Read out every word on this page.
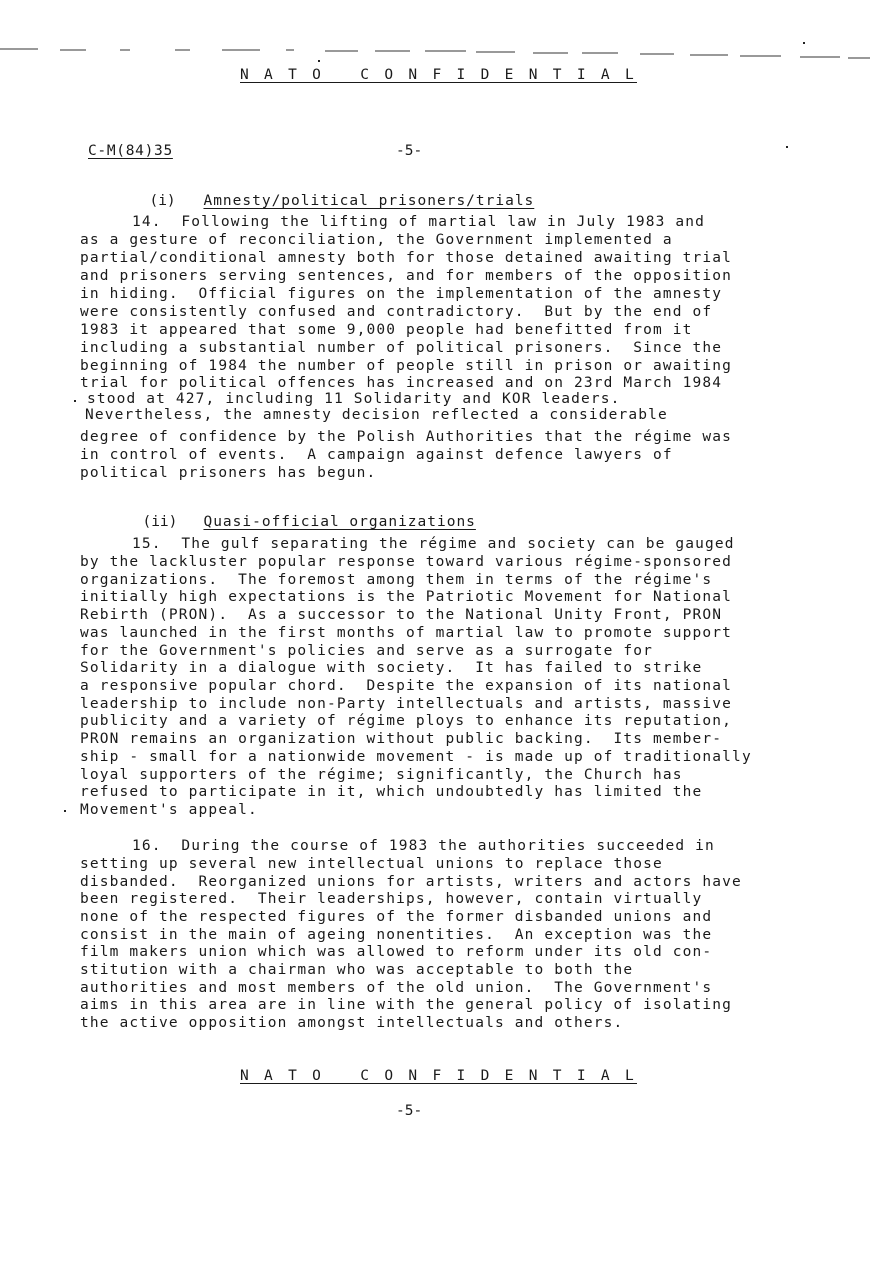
N A T O   C O N F I D E N T I A L
C-M(84)35	-5-

(i) Amnesty/political prisoners/trials

14.  Following the lifting of martial law in July 1983 and

as a gesture of reconciliation, the Government implemented a

partial/conditional amnesty both for those detained awaiting trial

and prisoners serving sentences, and for members of the opposition

in hiding.  Official figures on the implementation of the amnesty

were consistently confused and contradictory.  But by the end of

1983 it appeared that some 9,000 people had benefitted from it

including a substantial number of political prisoners.  Since the

beginning of 1984 the number of people still in prison or awaiting

trial for political offences has increased and on 23rd March 1984

stood at 427, including 11 Solidarity and KOR leaders.

Nevertheless, the amnesty decision reflected a considerable

degree of confidence by the Polish Authorities that the régime was

in control of events.  A campaign against defence lawyers of

political prisoners has begun.

(ii) Quasi-official organizations

15.  The gulf separating the régime and society can be gauged

by the lackluster popular response toward various régime-sponsored

organizations.  The foremost among them in terms of the régime's

initially high expectations is the Patriotic Movement for National

Rebirth (PRON).  As a successor to the National Unity Front, PRON

was launched in the first months of martial law to promote support

for the Government's policies and serve as a surrogate for

Solidarity in a dialogue with society.  It has failed to strike

a responsive popular chord.  Despite the expansion of its national

leadership to include non-Party intellectuals and artists, massive

publicity and a variety of régime ploys to enhance its reputation,

PRON remains an organization without public backing.  Its member-

ship - small for a nationwide movement - is made up of traditionally

loyal supporters of the régime; significantly, the Church has

refused to participate in it, which undoubtedly has limited the

Movement's appeal.

16.  During the course of 1983 the authorities succeeded in

setting up several new intellectual unions to replace those

disbanded.  Reorganized unions for artists, writers and actors have

been registered.  Their leaderships, however, contain virtually

none of the respected figures of the former disbanded unions and

consist in the main of ageing nonentities.  An exception was the

film makers union which was allowed to reform under its old con-

stitution with a chairman who was acceptable to both the

authorities and most members of the old union.  The Government's

aims in this area are in line with the general policy of isolating

the active opposition amongst intellectuals and others.

N A T O   C O N F I D E N T I A L
-5-
